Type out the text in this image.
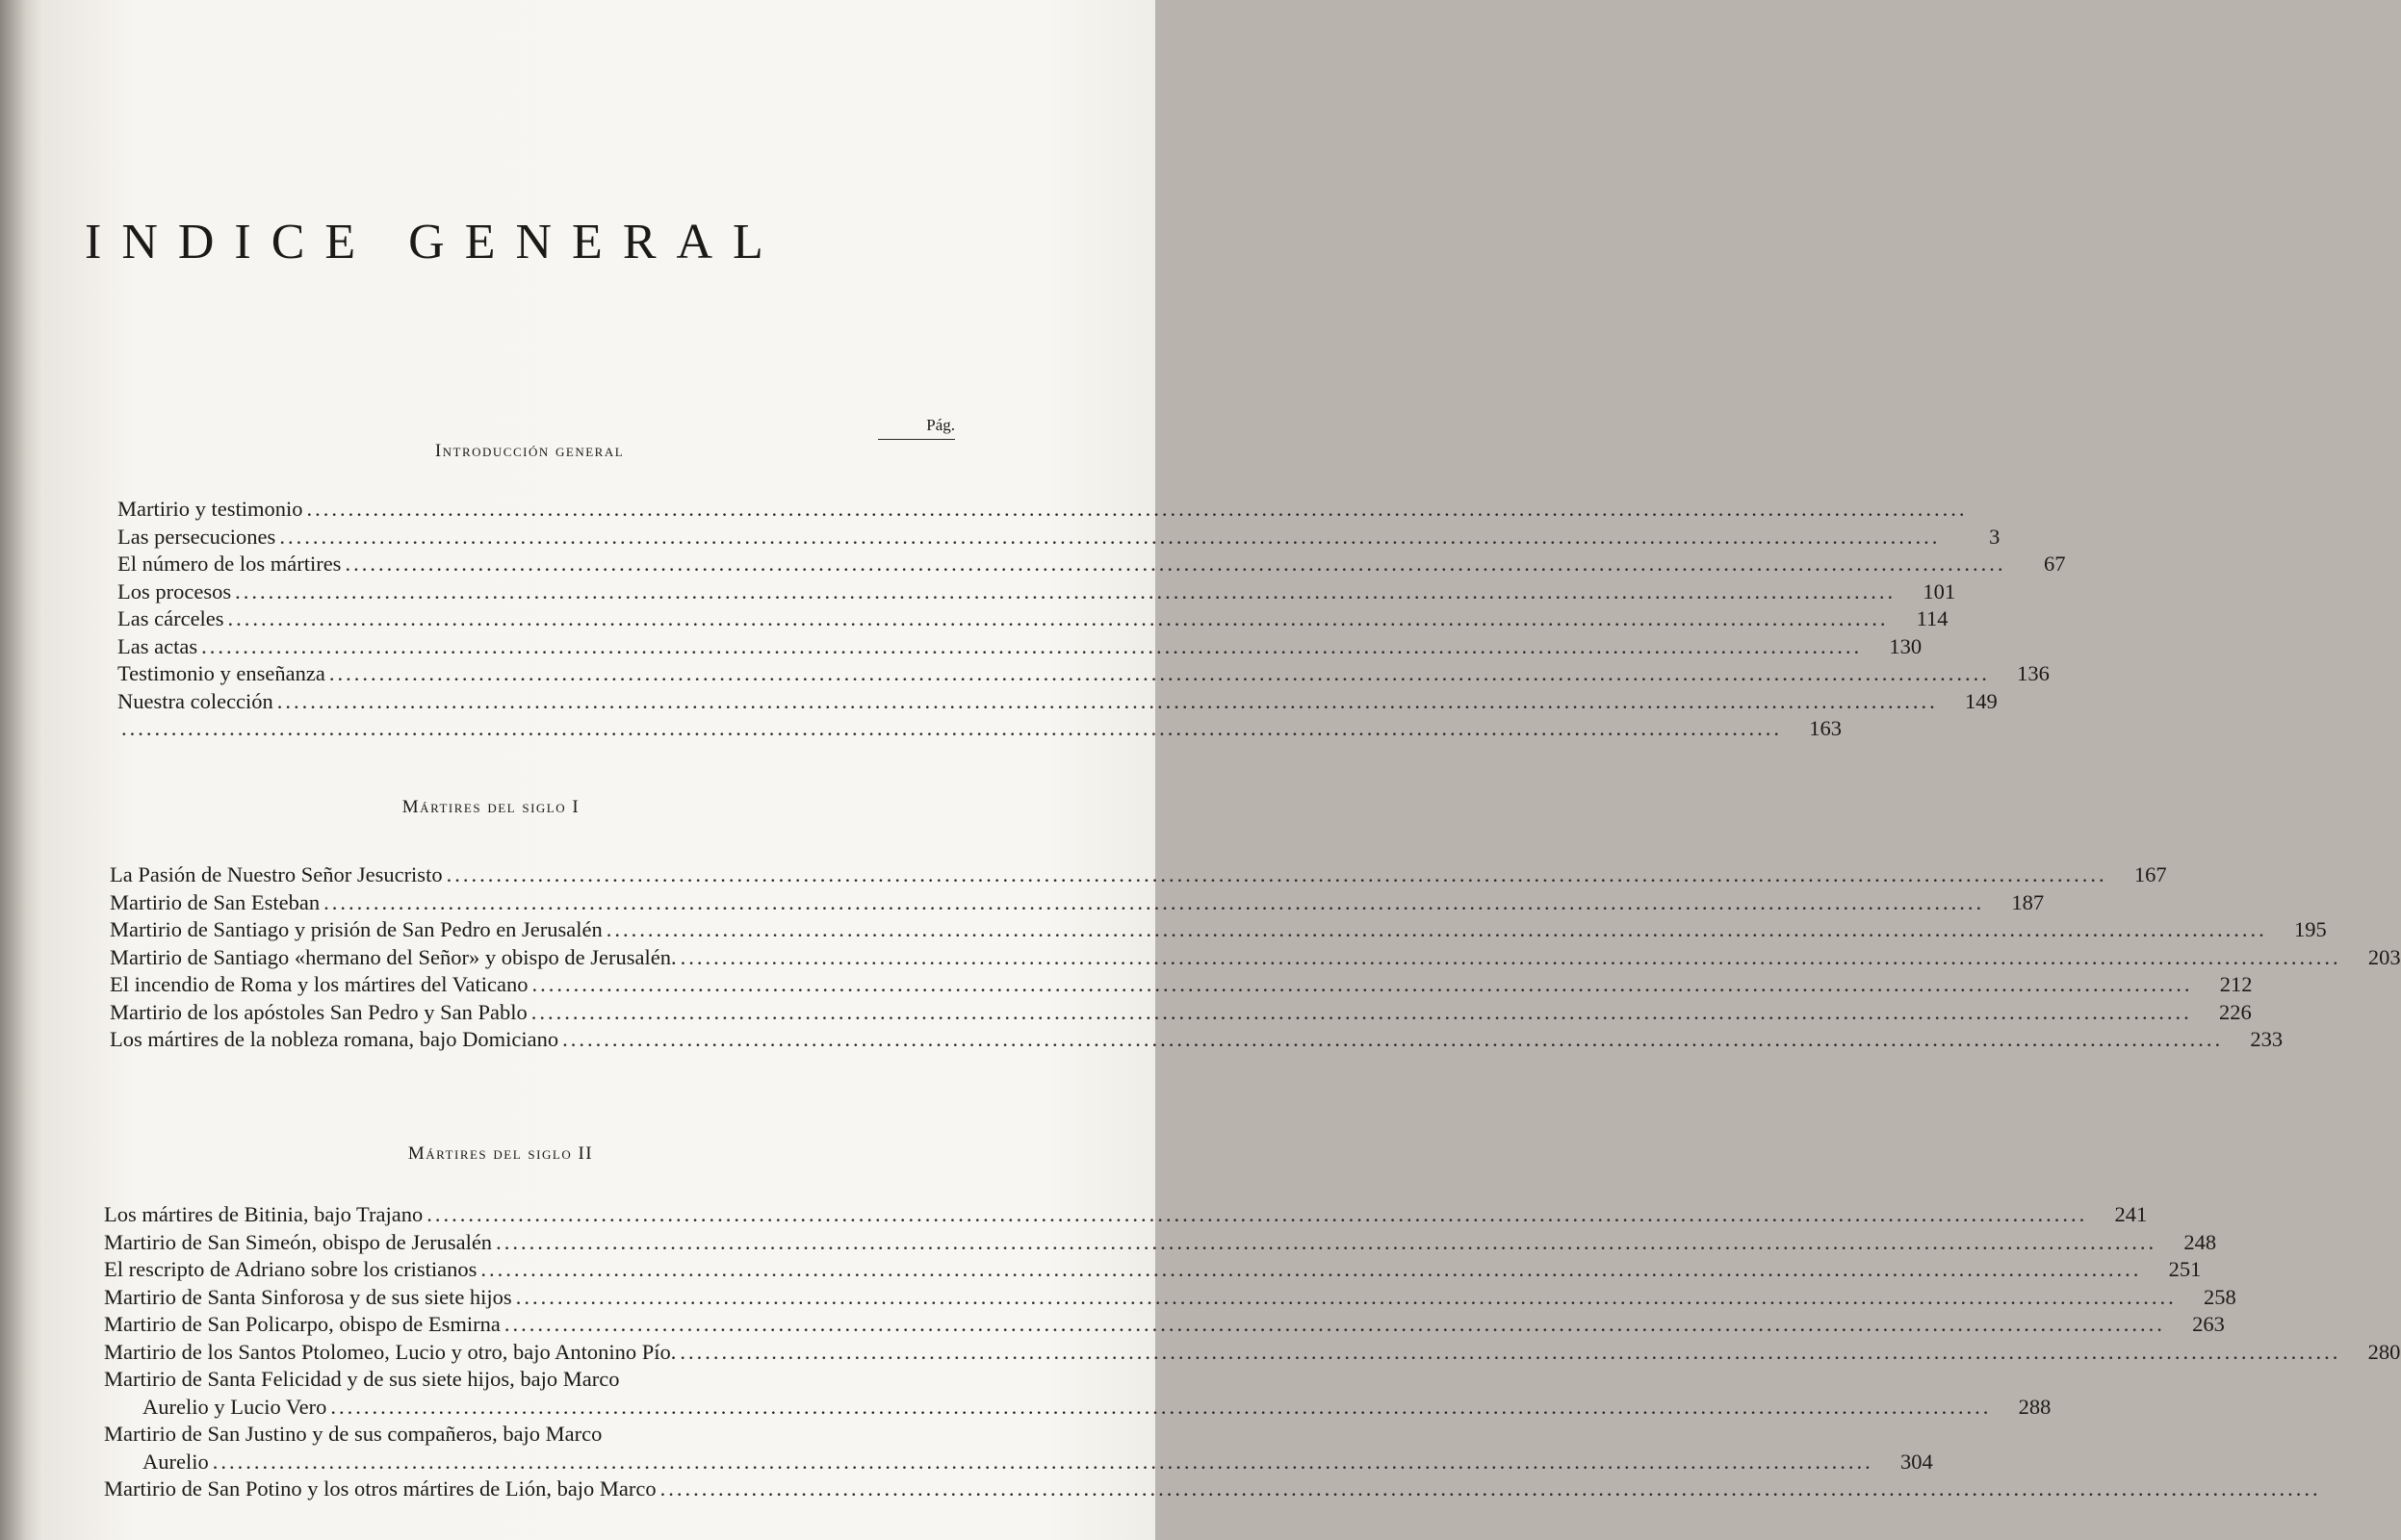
INDICE GENERAL
Pág.
Introducción general
Martirio y testimonio ........................................................................................................................................................................................................
Las persecuciones ........................................................................................................................................................................................................	3
El número de los mártires ........................................................................................................................................................................................................	67
Los procesos ........................................................................................................................................................................................................	101
Las cárceles ........................................................................................................................................................................................................	114
Las actas ........................................................................................................................................................................................................	130
Testimonio y enseñanza ........................................................................................................................................................................................................	136
Nuestra colección ........................................................................................................................................................................................................	149
........................................................................................................................................................................................................	163
Mártires del siglo I
La Pasión de Nuestro Señor Jesucristo ........................................................................................................................................................................................................	167
Martirio de San Esteban ........................................................................................................................................................................................................	187
Martirio de Santiago y prisión de San Pedro en Jerusalén ........................................................................................................................................................................................................	195
Martirio de Santiago «hermano del Señor» y obispo de Jerusalén. ........................................................................................................................................................................................................	203
El incendio de Roma y los mártires del Vaticano ........................................................................................................................................................................................................	212
Martirio de los apóstoles San Pedro y San Pablo ........................................................................................................................................................................................................	226
Los mártires de la nobleza romana, bajo Domiciano ........................................................................................................................................................................................................	233
Mártires del siglo II
Los mártires de Bitinia, bajo Trajano ........................................................................................................................................................................................................	241
Martirio de San Simeón, obispo de Jerusalén ........................................................................................................................................................................................................	248
El rescripto de Adriano sobre los cristianos ........................................................................................................................................................................................................	251
Martirio de Santa Sinforosa y de sus siete hijos ........................................................................................................................................................................................................	258
Martirio de San Policarpo, obispo de Esmirna ........................................................................................................................................................................................................	263
Martirio de los Santos Ptolomeo, Lucio y otro, bajo Antonino Pío. ........................................................................................................................................................................................................	280
Martirio de Santa Felicidad y de sus siete hijos, bajo Marco
Aurelio y Lucio Vero ........................................................................................................................................................................................................	288
Martirio de San Justino y de sus compañeros, bajo Marco
Aurelio ........................................................................................................................................................................................................	304
Martirio de San Potino y los otros mártires de Lión, bajo Marco ........................................................................................................................................................................................................
